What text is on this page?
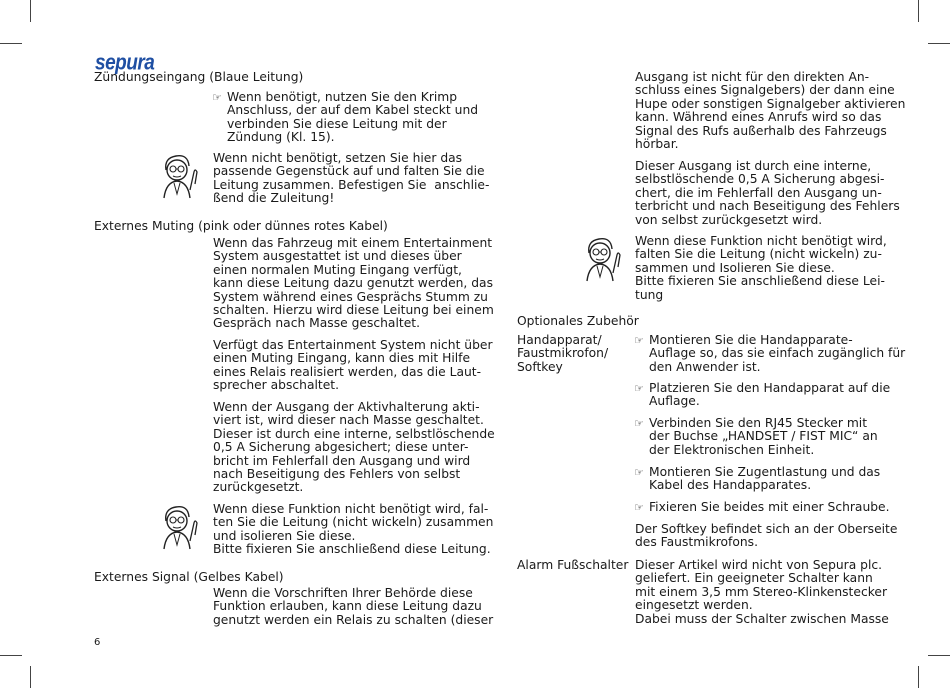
sepura
Zündungseingang (Blaue Leitung)
☞ Wenn benötigt, nutzen Sie den Krimp
Anschluss, der auf dem Kabel steckt und
verbinden Sie diese Leitung mit der
Zündung (Kl. 15).
Wenn nicht benötigt, setzen Sie hier das
passende Gegenstück auf und falten Sie die
Leitung zusammen. Befestigen Sie  anschlie-
ßend die Zuleitung!
Externes Muting (pink oder dünnes rotes Kabel)
Wenn das Fahrzeug mit einem Entertainment
System ausgestattet ist und dieses über
einen normalen Muting Eingang verfügt,
kann diese Leitung dazu genutzt werden, das
System während eines Gesprächs Stumm zu
schalten. Hierzu wird diese Leitung bei einem
Gespräch nach Masse geschaltet.
Verfügt das Entertainment System nicht über
einen Muting Eingang, kann dies mit Hilfe
eines Relais realisiert werden, das die Laut-
sprecher abschaltet.
Wenn der Ausgang der Aktivhalterung akti-
viert ist, wird dieser nach Masse geschaltet.
Dieser ist durch eine interne, selbstlöschende
0,5 A Sicherung abgesichert; diese unter-
bricht im Fehlerfall den Ausgang und wird
nach Beseitigung des Fehlers von selbst
zurückgesetzt.
Wenn diese Funktion nicht benötigt wird, fal-
ten Sie die Leitung (nicht wickeln) zusammen
und isolieren Sie diese.
Bitte fixieren Sie anschließend diese Leitung.
Externes Signal (Gelbes Kabel)
Wenn die Vorschriften Ihrer Behörde diese
Funktion erlauben, kann diese Leitung dazu
genutzt werden ein Relais zu schalten (dieser
6
Ausgang ist nicht für den direkten An-
schluss eines Signalgebers) der dann eine
Hupe oder sonstigen Signalgeber aktivieren
kann. Während eines Anrufs wird so das
Signal des Rufs außerhalb des Fahrzeugs
hörbar.
Dieser Ausgang ist durch eine interne,
selbstlöschende 0,5 A Sicherung abgesi-
chert, die im Fehlerfall den Ausgang un-
terbricht und nach Beseitigung des Fehlers
von selbst zurückgesetzt wird.
Wenn diese Funktion nicht benötigt wird,
falten Sie die Leitung (nicht wickeln) zu-
sammen und Isolieren Sie diese.
Bitte fixieren Sie anschließend diese Lei-
tung
Optionales Zubehör
Handapparat/
Faustmikrofon/
Softkey
☞ Montieren Sie die Handapparate-
Auflage so, das sie einfach zugänglich für
den Anwender ist.
☞ Platzieren Sie den Handapparat auf die
Auflage.
☞ Verbinden Sie den RJ45 Stecker mit
der Buchse „HANDSET / FIST MIC“ an
der Elektronischen Einheit.
☞ Montieren Sie Zugentlastung und das
Kabel des Handapparates.
☞ Fixieren Sie beides mit einer Schraube.
Der Softkey befindet sich an der Oberseite
des Faustmikrofons.
Alarm Fußschalter Dieser Artikel wird nicht von Sepura plc.
geliefert. Ein geeigneter Schalter kann
mit einem 3,5 mm Stereo-Klinkenstecker
eingesetzt werden.
Dabei muss der Schalter zwischen Masse
